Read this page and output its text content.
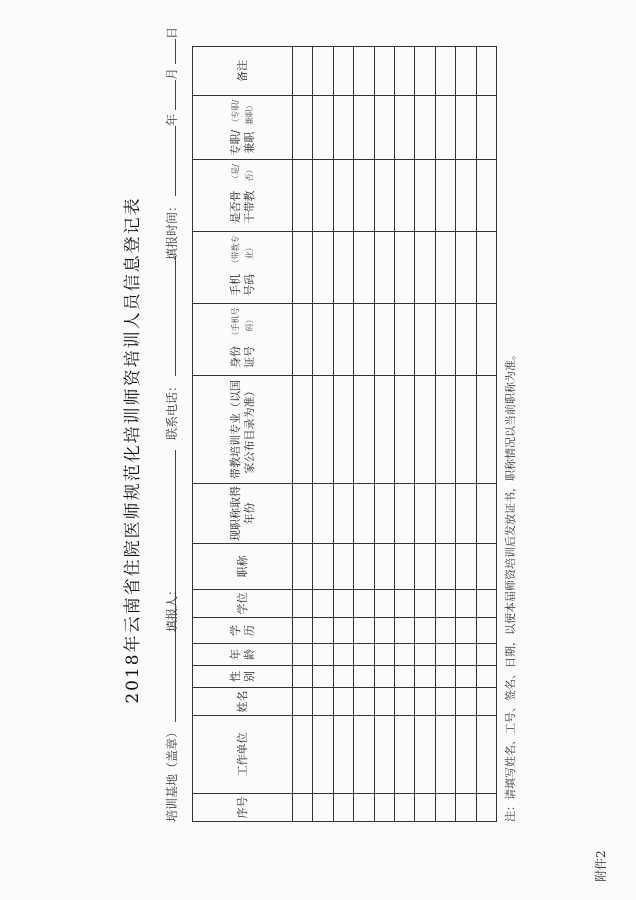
附件2
2018年云南省住院医师规范化培训师资培训人员信息登记表
培训基地（盖章）
填报人：
联系电话：
填报时间：年月日
序号
工作单位
姓名
性别
年龄
学历
学位
职称
现职称取得年份
带教培训专业（以国家公布目录为准）
身份证号
（手机号码）
手机号码
（带教专业）
是否骨干带教
（是/否）
专职/兼职
（专职/兼职）
备注
注：请填写姓名、工号、签名、日期，以便本届师资培训后发放证书，职称情况以当前职称为准。
